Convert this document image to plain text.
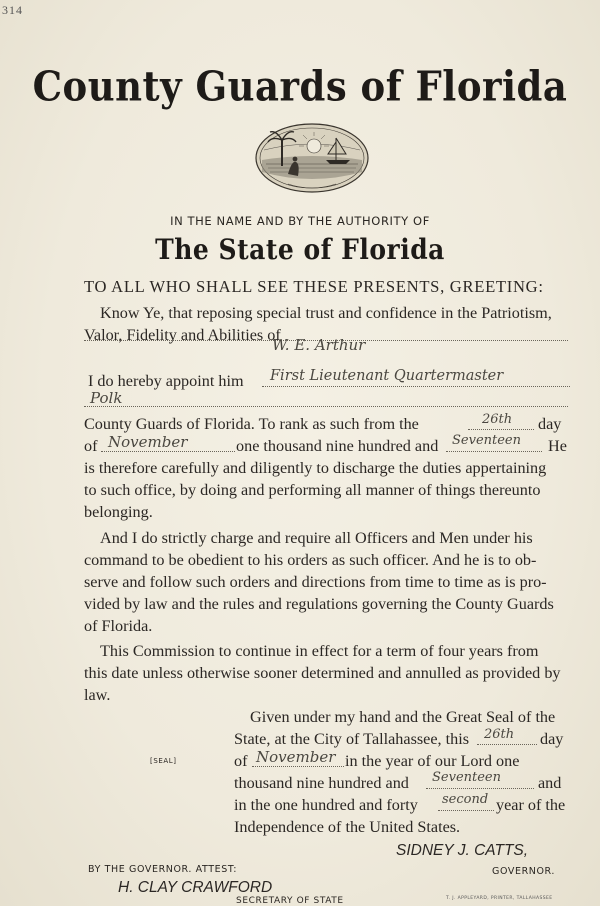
314
County Guards of Florida
IN THE NAME AND BY THE AUTHORITY OF
The State of Florida
TO ALL WHO SHALL SEE THESE PRESENTS, GREETING:
Know Ye, that reposing special trust and confidence in the Patriotism,
Valor, Fidelity and Abilities of
W. E. Arthur
I do hereby appoint him First Lieutenant Quartermaster
Polk
County Guards of Florida. To rank as such from the	26th day
of November	one thousand nine hundred and Seventeen He
is therefore carefully and diligently to discharge the duties appertaining
to such office, by doing and performing all manner of things thereunto
belonging.
And I do strictly charge and require all Officers and Men under his
command to be obedient to his orders as such officer. And he is to ob-
serve and follow such orders and directions from time to time as is pro-
vided by law and the rules and regulations governing the County Guards
of Florida.
This Commission to continue in effect for a term of four years from
this date unless otherwise sooner determined and annulled as provided by
law.
Given under my hand and the Great Seal of the
State, at the City of Tallahassee, this 26th day
of November in the year of our Lord one
thousand nine hundred and Seventeen and
in the one hundred and forty second year of the
Independence of the United States.
[SEAL]
SIDNEY J. CATTS,
GOVERNOR.
BY THE GOVERNOR. ATTEST:
H. CLAY CRAWFORD
SECRETARY OF STATE	T. J. APPLEYARD, PRINTER, TALLAHASSEE
